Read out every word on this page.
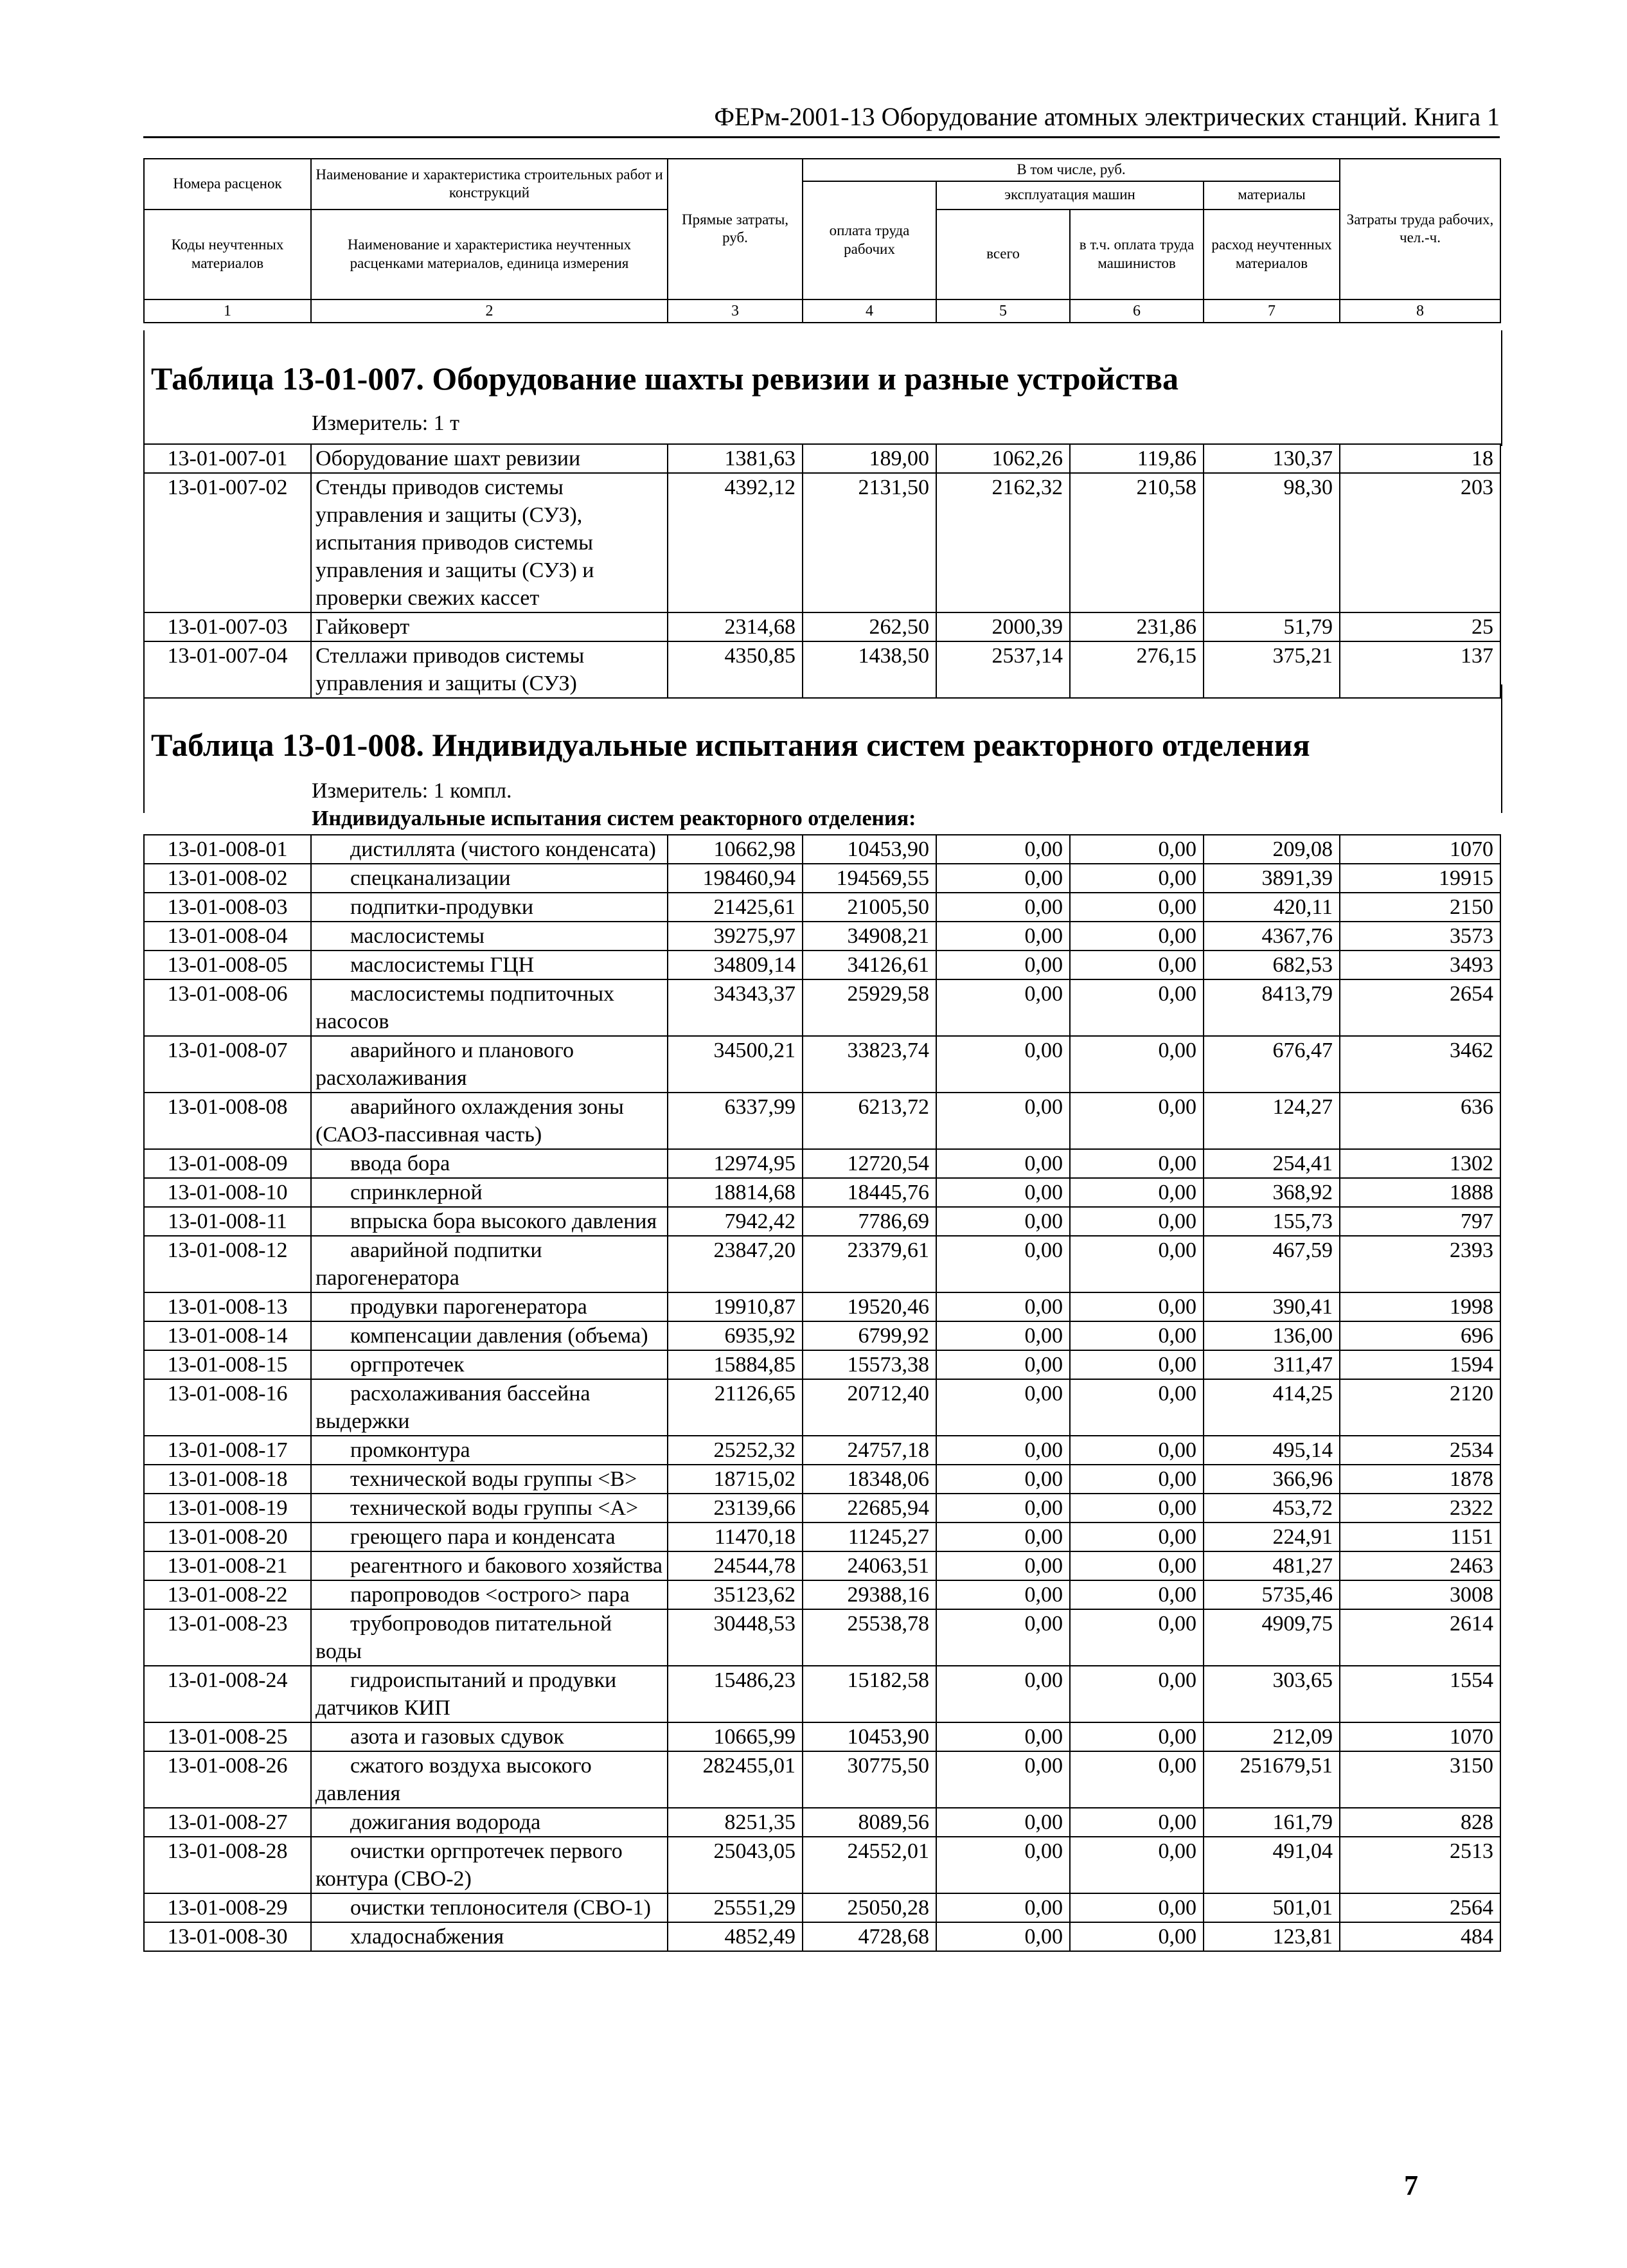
ФЕРм-2001-13 Оборудование атомных электрических станций. Книга 1
Номера расценок	Наименование и характеристика строительных работ и конструкций	Прямые затраты, руб.	В том числе, руб.				Затраты труда рабочих, чел.-ч.
			оплата труда рабочих	эксплуатация машин		материалы	
Коды неучтенных материалов	Наименование и характеристика неучтенных расценками материалов, единица измерения			всего	в т.ч. оплата труда машинистов	расход неучтенных материалов	

1	2	3	4	5	6	7	8
Таблица 13-01-007. Оборудование шахты ревизии и разные устройства
Измеритель: 1 т
13-01-007-01	Оборудование шахт ревизии	1381,63	189,00	1062,26	119,86	130,37	18
13-01-007-02	Стенды приводов системы управления и защиты (СУЗ), испытания приводов системы управления и защиты (СУЗ) и проверки свежих кассет	4392,12	2131,50	2162,32	210,58	98,30	203
13-01-007-03	Гайковерт	2314,68	262,50	2000,39	231,86	51,79	25
13-01-007-04	Стеллажи приводов системы управления и защиты (СУЗ)	4350,85	1438,50	2537,14	276,15	375,21	137
Таблица 13-01-008. Индивидуальные испытания систем реакторного отделения
Измеритель: 1 компл.
Индивидуальные испытания систем реакторного отделения:
13-01-008-01	дистиллята (чистого конденсата)	10662,98	10453,90	0,00	0,00	209,08	1070
13-01-008-02	спецканализации	198460,94	194569,55	0,00	0,00	3891,39	19915
13-01-008-03	подпитки-продувки	21425,61	21005,50	0,00	0,00	420,11	2150
13-01-008-04	маслосистемы	39275,97	34908,21	0,00	0,00	4367,76	3573
13-01-008-05	маслосистемы ГЦН	34809,14	34126,61	0,00	0,00	682,53	3493
13-01-008-06	маслосистемы подпиточных насосов	34343,37	25929,58	0,00	0,00	8413,79	2654
13-01-008-07	аварийного и планового расхолаживания	34500,21	33823,74	0,00	0,00	676,47	3462
13-01-008-08	аварийного охлаждения зоны (САОЗ-пассивная часть)	6337,99	6213,72	0,00	0,00	124,27	636
13-01-008-09	ввода бора	12974,95	12720,54	0,00	0,00	254,41	1302
13-01-008-10	спринклерной	18814,68	18445,76	0,00	0,00	368,92	1888
13-01-008-11	впрыска бора высокого давления	7942,42	7786,69	0,00	0,00	155,73	797
13-01-008-12	аварийной подпитки парогенератора	23847,20	23379,61	0,00	0,00	467,59	2393
13-01-008-13	продувки парогенератора	19910,87	19520,46	0,00	0,00	390,41	1998
13-01-008-14	компенсации давления (объема)	6935,92	6799,92	0,00	0,00	136,00	696
13-01-008-15	оргпротечек	15884,85	15573,38	0,00	0,00	311,47	1594
13-01-008-16	расхолаживания бассейна выдержки	21126,65	20712,40	0,00	0,00	414,25	2120
13-01-008-17	промконтура	25252,32	24757,18	0,00	0,00	495,14	2534
13-01-008-18	технической воды группы <В>	18715,02	18348,06	0,00	0,00	366,96	1878
13-01-008-19	технической воды группы <А>	23139,66	22685,94	0,00	0,00	453,72	2322
13-01-008-20	греющего пара и конденсата	11470,18	11245,27	0,00	0,00	224,91	1151
13-01-008-21	реагентного и бакового хозяйства	24544,78	24063,51	0,00	0,00	481,27	2463
13-01-008-22	паропроводов <острого> пара	35123,62	29388,16	0,00	0,00	5735,46	3008
13-01-008-23	трубопроводов питательной воды	30448,53	25538,78	0,00	0,00	4909,75	2614
13-01-008-24	гидроиспытаний и продувки датчиков КИП	15486,23	15182,58	0,00	0,00	303,65	1554
13-01-008-25	азота и газовых сдувок	10665,99	10453,90	0,00	0,00	212,09	1070
13-01-008-26	сжатого воздуха высокого давления	282455,01	30775,50	0,00	0,00	251679,51	3150
13-01-008-27	дожигания водорода	8251,35	8089,56	0,00	0,00	161,79	828
13-01-008-28	очистки оргпротечек первого контура (СВО-2)	25043,05	24552,01	0,00	0,00	491,04	2513
13-01-008-29	очистки теплоносителя (СВО-1)	25551,29	25050,28	0,00	0,00	501,01	2564
13-01-008-30	хладоснабжения	4852,49	4728,68	0,00	0,00	123,81	484
7
